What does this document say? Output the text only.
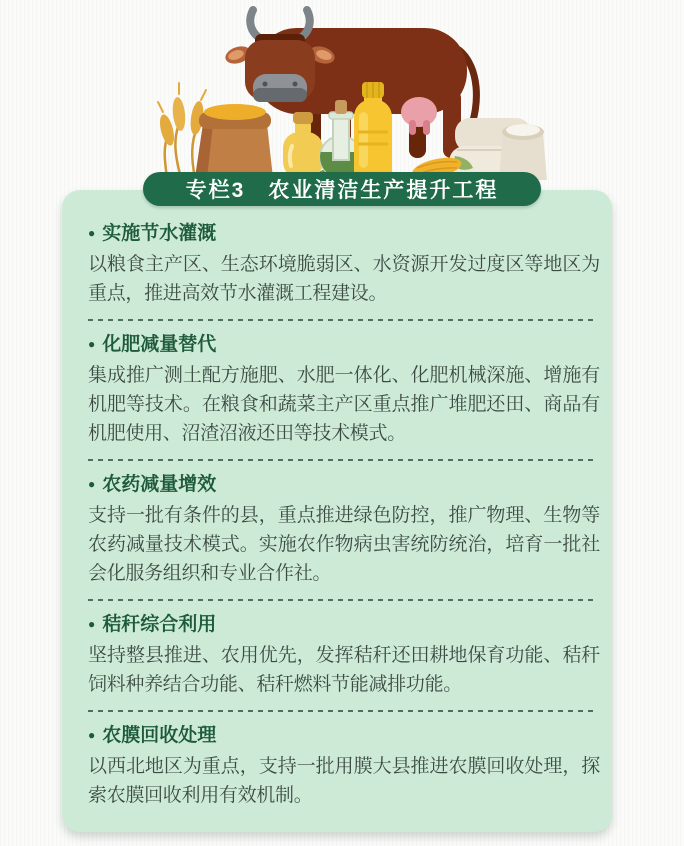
专栏3　农业清洁生产提升工程
● 实施节水灌溉

以粮食主产区、生态环境脆弱区、水资源开发过度区等地区为重点，推进高效节水灌溉工程建设。

● 化肥减量替代

集成推广测土配方施肥、水肥一体化、化肥机械深施、增施有机肥等技术。在粮食和蔬菜主产区重点推广堆肥还田、商品有机肥使用、沼渣沼液还田等技术模式。

● 农药减量增效

支持一批有条件的县，重点推进绿色防控，推广物理、生物等农药减量技术模式。实施农作物病虫害统防统治，培育一批社会化服务组织和专业合作社。

● 秸秆综合利用

坚持整县推进、农用优先，发挥秸秆还田耕地保育功能、秸秆饲料种养结合功能、秸秆燃料节能减排功能。

● 农膜回收处理

以西北地区为重点，支持一批用膜大县推进农膜回收处理，探索农膜回收利用有效机制。
